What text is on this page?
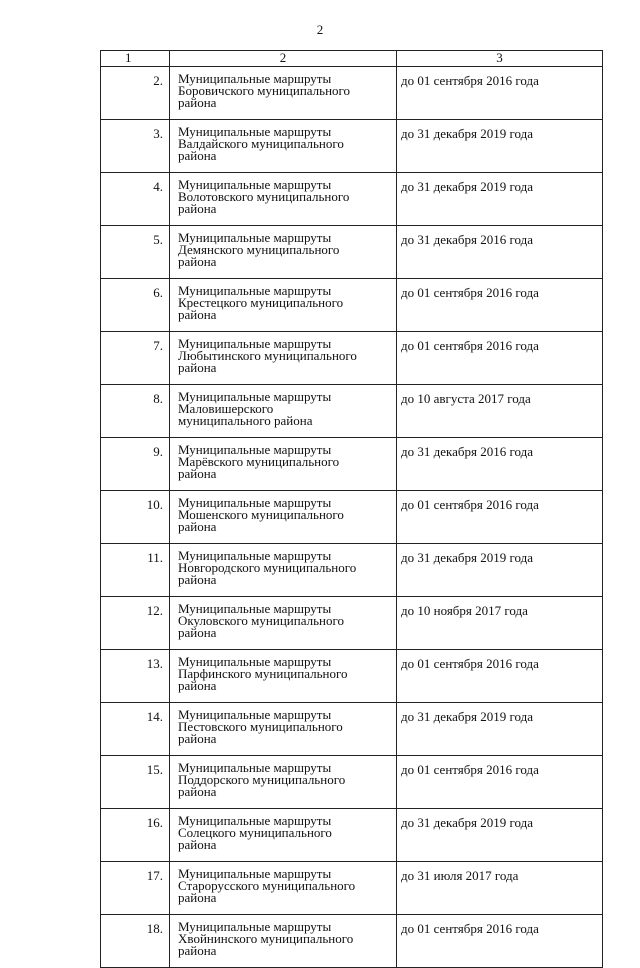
2
1	2	3

2.	Муниципальные маршруты
Боровичского муниципального
района	до 01 сентября 2016 года

3.	Муниципальные маршруты
Валдайского муниципального
района	до 31 декабря 2019 года

4.	Муниципальные маршруты
Волотовского муниципального
района	до 31 декабря 2019 года

5.	Муниципальные маршруты
Демянского муниципального
района	до 31 декабря 2016 года

6.	Муниципальные маршруты
Крестецкого муниципального
района	до 01 сентября 2016 года

7.	Муниципальные маршруты
Любытинского муниципального
района	до 01 сентября 2016 года

8.	Муниципальные маршруты
Маловишерского
муниципального района	до 10 августа 2017 года

9.	Муниципальные маршруты
Марёвского муниципального
района	до 31 декабря 2016 года

10.	Муниципальные маршруты
Мошенского муниципального
района	до 01 сентября 2016 года

11.	Муниципальные маршруты
Новгородского муниципального
района	до 31 декабря 2019 года

12.	Муниципальные маршруты
Окуловского муниципального
района	до 10 ноября 2017 года

13.	Муниципальные маршруты
Парфинского муниципального
района	до 01 сентября 2016 года

14.	Муниципальные маршруты
Пестовского муниципального
района	до 31 декабря 2019 года

15.	Муниципальные маршруты
Поддорского муниципального
района	до 01 сентября 2016 года

16.	Муниципальные маршруты
Солецкого муниципального
района	до 31 декабря 2019 года

17.	Муниципальные маршруты
Старорусского муниципального
района	до 31 июля 2017 года

18.	Муниципальные маршруты
Хвойнинского муниципального
района	до 01 сентября 2016 года
